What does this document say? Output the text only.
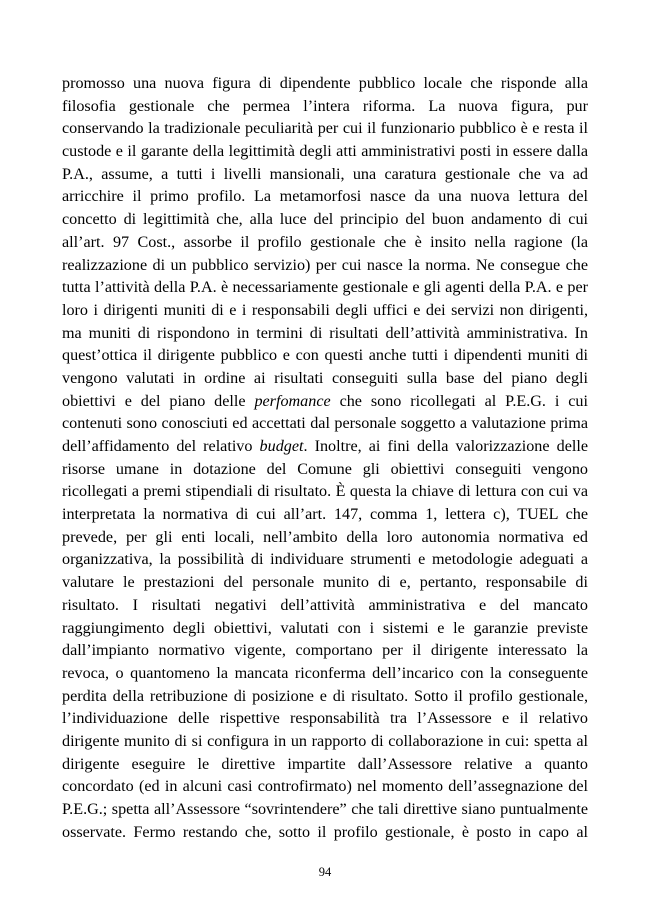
promosso una nuova figura di dipendente pubblico locale che risponde alla
filosofia gestionale che permea l’intera riforma. La nuova figura, pur
conservando la tradizionale peculiarità per cui il funzionario pubblico è e resta il
custode e il garante della legittimità degli atti amministrativi posti in essere dalla
P.A., assume, a tutti i livelli mansionali, una caratura gestionale che va ad
arricchire il primo profilo. La metamorfosi nasce da una nuova lettura del
concetto di legittimità che, alla luce del principio del buon andamento di cui
all’art. 97 Cost., assorbe il profilo gestionale che è insito nella ragione (la
realizzazione di un pubblico servizio) per cui nasce la norma. Ne consegue che
tutta l’attività della P.A. è necessariamente gestionale e gli agenti della P.A. e per
loro i dirigenti muniti di e i responsabili degli uffici e dei servizi non dirigenti,
ma muniti di rispondono in termini di risultati dell’attività amministrativa. In
quest’ottica il dirigente pubblico e con questi anche tutti i dipendenti muniti di
vengono valutati in ordine ai risultati conseguiti sulla base del piano degli
obiettivi e del piano delle perfomance che sono ricollegati al P.E.G. i cui
contenuti sono conosciuti ed accettati dal personale soggetto a valutazione prima
dell’affidamento del relativo budget. Inoltre, ai fini della valorizzazione delle
risorse umane in dotazione del Comune gli obiettivi conseguiti vengono
ricollegati a premi stipendiali di risultato. È questa la chiave di lettura con cui va
interpretata la normativa di cui all’art. 147, comma 1, lettera c), TUEL che
prevede, per gli enti locali, nell’ambito della loro autonomia normativa ed
organizzativa, la possibilità di individuare strumenti e metodologie adeguati a
valutare le prestazioni del personale munito di e, pertanto, responsabile di
risultato. I risultati negativi dell’attività amministrativa e del mancato
raggiungimento degli obiettivi, valutati con i sistemi e le garanzie previste
dall’impianto normativo vigente, comportano per il dirigente interessato la
revoca, o quantomeno la mancata riconferma dell’incarico con la conseguente
perdita della retribuzione di posizione e di risultato. Sotto il profilo gestionale,
l’individuazione delle rispettive responsabilità tra l’Assessore e il relativo
dirigente munito di si configura in un rapporto di collaborazione in cui: spetta al
dirigente eseguire le direttive impartite dall’Assessore relative a quanto
concordato (ed in alcuni casi controfirmato) nel momento dell’assegnazione del
P.E.G.; spetta all’Assessore “sovrintendere” che tali direttive siano puntualmente
osservate. Fermo restando che, sotto il profilo gestionale, è posto in capo al
94
